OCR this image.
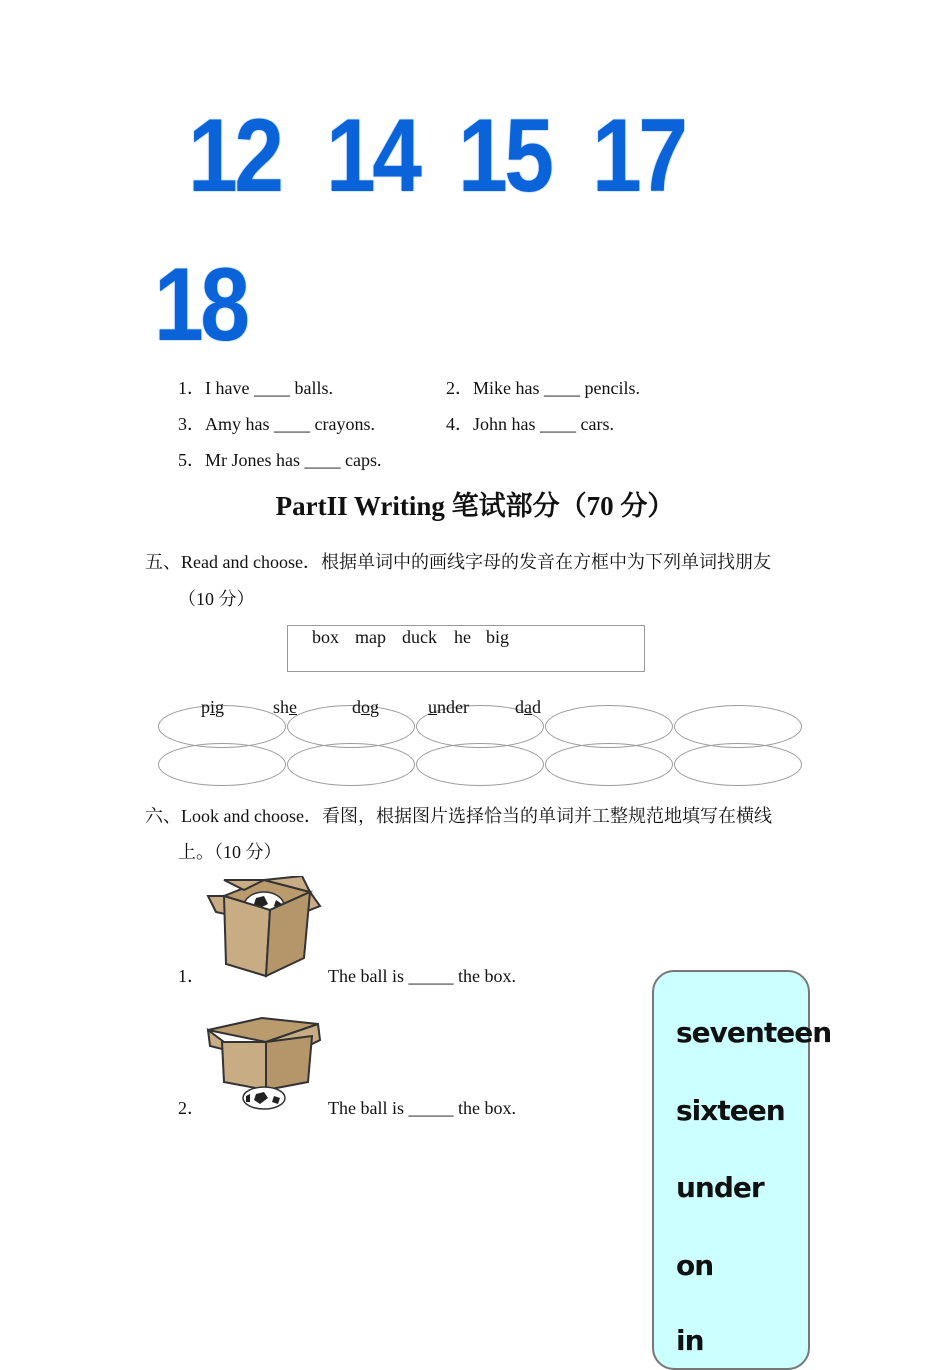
12 14 15 17
18
1．I have ____ balls.	2．Mike has ____ pencils.
3．Amy has ____ crayons.	4．John has ____ cars.
5．Mr Jones has ____ caps.
PartII Writing 笔试部分（70 分）
五、Read and choose．根据单词中的画线字母的发音在方框中为下列单词找朋友
（10 分）
box map duck he big
pig	she	dog	under	dad
六、Look and choose．看图，根据图片选择恰当的单词并工整规范地填写在横线
上。（10 分）
1．	The ball is _____ the box.
2．	The ball is _____ the box.
seventeen
sixteen
under
on
in
